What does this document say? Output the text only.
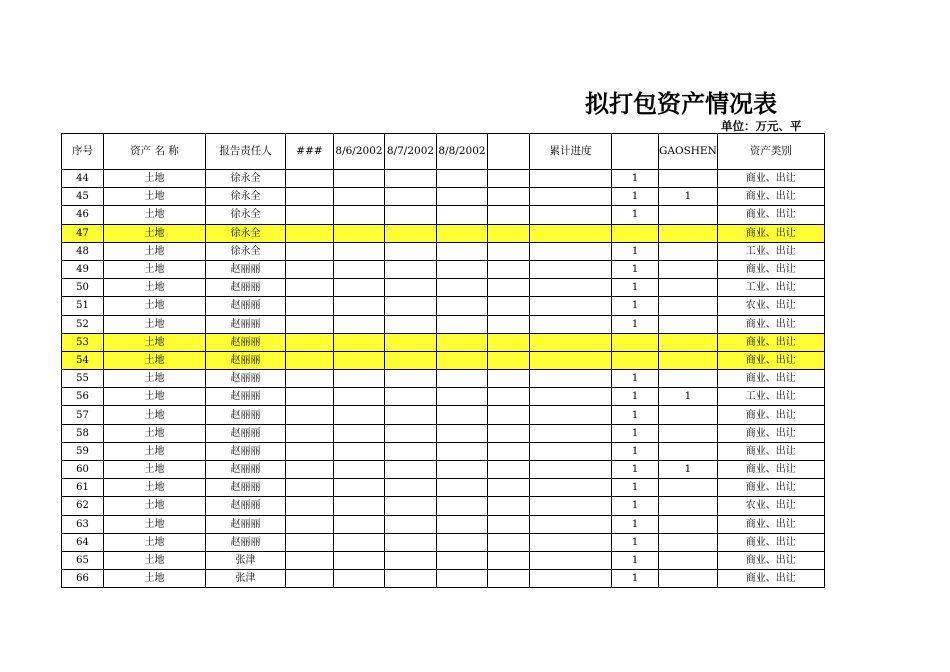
拟打包资产情况表
单位：万元、平
序号	资产 名 称	报告责任人	###	8/6/2002	8/7/2002	8/8/2002		累计进度		GAOSHEN	资产类别
44	土地	徐永全							1		商业、出让
45	土地	徐永全							1	1	商业、出让
46	土地	徐永全							1		商业、出让
47	土地	徐永全									商业、出让
48	土地	徐永全							1		工业、出让
49	土地	赵丽丽							1		商业、出让
50	土地	赵丽丽							1		工业、出让
51	土地	赵丽丽							1		农业、出让
52	土地	赵丽丽							1		商业、出让
53	土地	赵丽丽									商业、出让
54	土地	赵丽丽									商业、出让
55	土地	赵丽丽							1		商业、出让
56	土地	赵丽丽							1	1	工业、出让
57	土地	赵丽丽							1		商业、出让
58	土地	赵丽丽							1		商业、出让
59	土地	赵丽丽							1		商业、出让
60	土地	赵丽丽							1	1	商业、出让
61	土地	赵丽丽							1		商业、出让
62	土地	赵丽丽							1		农业、出让
63	土地	赵丽丽							1		商业、出让
64	土地	赵丽丽							1		商业、出让
65	土地	张津							1		商业、出让
66	土地	张津							1		商业、出让
